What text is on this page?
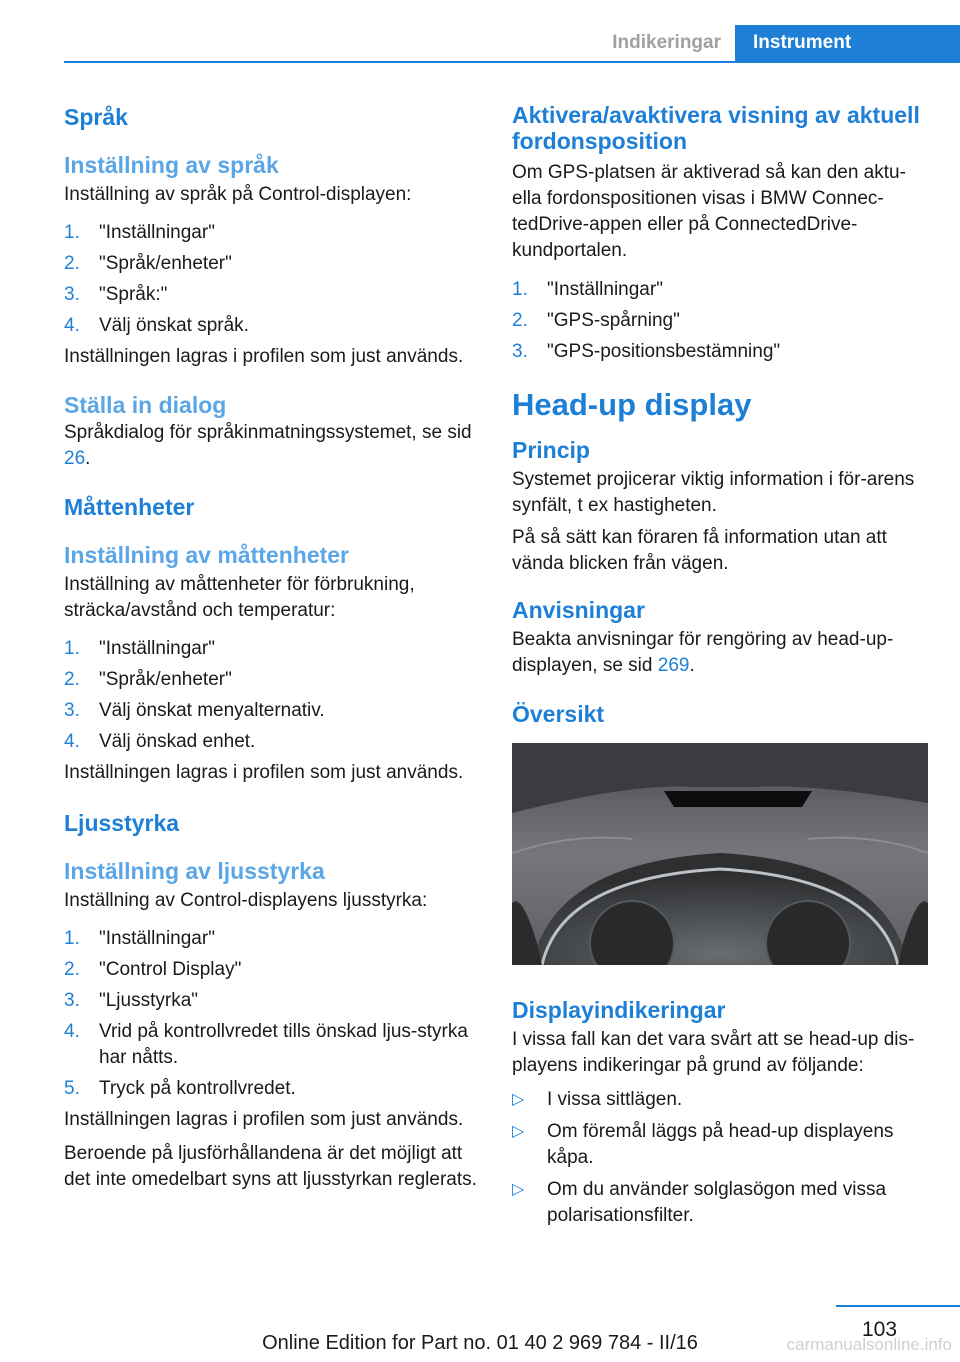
Indikeringar	Instrument
Språk
Inställning av språk

Inställning av språk på Control-displayen:

1. "Inställningar"
2. "Språk/enheter"
3. "Språk:"
4. Välj önskat språk.

Inställningen lagras i profilen som just används.

Ställa in dialog

Språkdialog för språkinmatningssystemet, se sid 26.

Måttenheter
Inställning av måttenheter

Inställning av måttenheter för förbrukning, sträcka/avstånd och temperatur:

1. "Inställningar"
2. "Språk/enheter"
3. Välj önskat menyalternativ.
4. Välj önskad enhet.

Inställningen lagras i profilen som just används.

Ljusstyrka
Inställning av ljusstyrka

Inställning av Control-displayens ljusstyrka:

1. "Inställningar"
2. "Control Display"
3. "Ljusstyrka"
4. Vrid på kontrollvredet tills önskad ljus‐styrka har nåtts.
5. Tryck på kontrollvredet.

Inställningen lagras i profilen som just används.

Beroende på ljusförhållandena är det möjligt att det inte omedelbart syns att ljusstyrkan reglerats.

Aktivera/avaktivera visning av aktuell fordonsposition

Om GPS-platsen är aktiverad så kan den aktu‐ella fordonspositionen visas i BMW Connec‐tedDrive-appen eller på ConnectedDrive-kundportalen.

1. "Inställningar"
2. "GPS-spårning"
3. "GPS-positionsbestämning"
Head-up display
Princip

Systemet projicerar viktig information i för‐arens synfält, t ex hastigheten.

På så sätt kan föraren få information utan att vända blicken från vägen.

Anvisningar

Beakta anvisningar för rengöring av head-up-displayen, se sid 269.

Översikt
Displayindikeringar

I vissa fall kan det vara svårt att se head-up dis‐playens indikeringar på grund av följande:

▷ I vissa sittlägen.
▷ Om föremål läggs på head-up displayens kåpa.
▷ Om du använder solglasögon med vissa polarisationsfilter.
103
Online Edition for Part no. 01 40 2 969 784 - II/16	carmanualsonline.info
